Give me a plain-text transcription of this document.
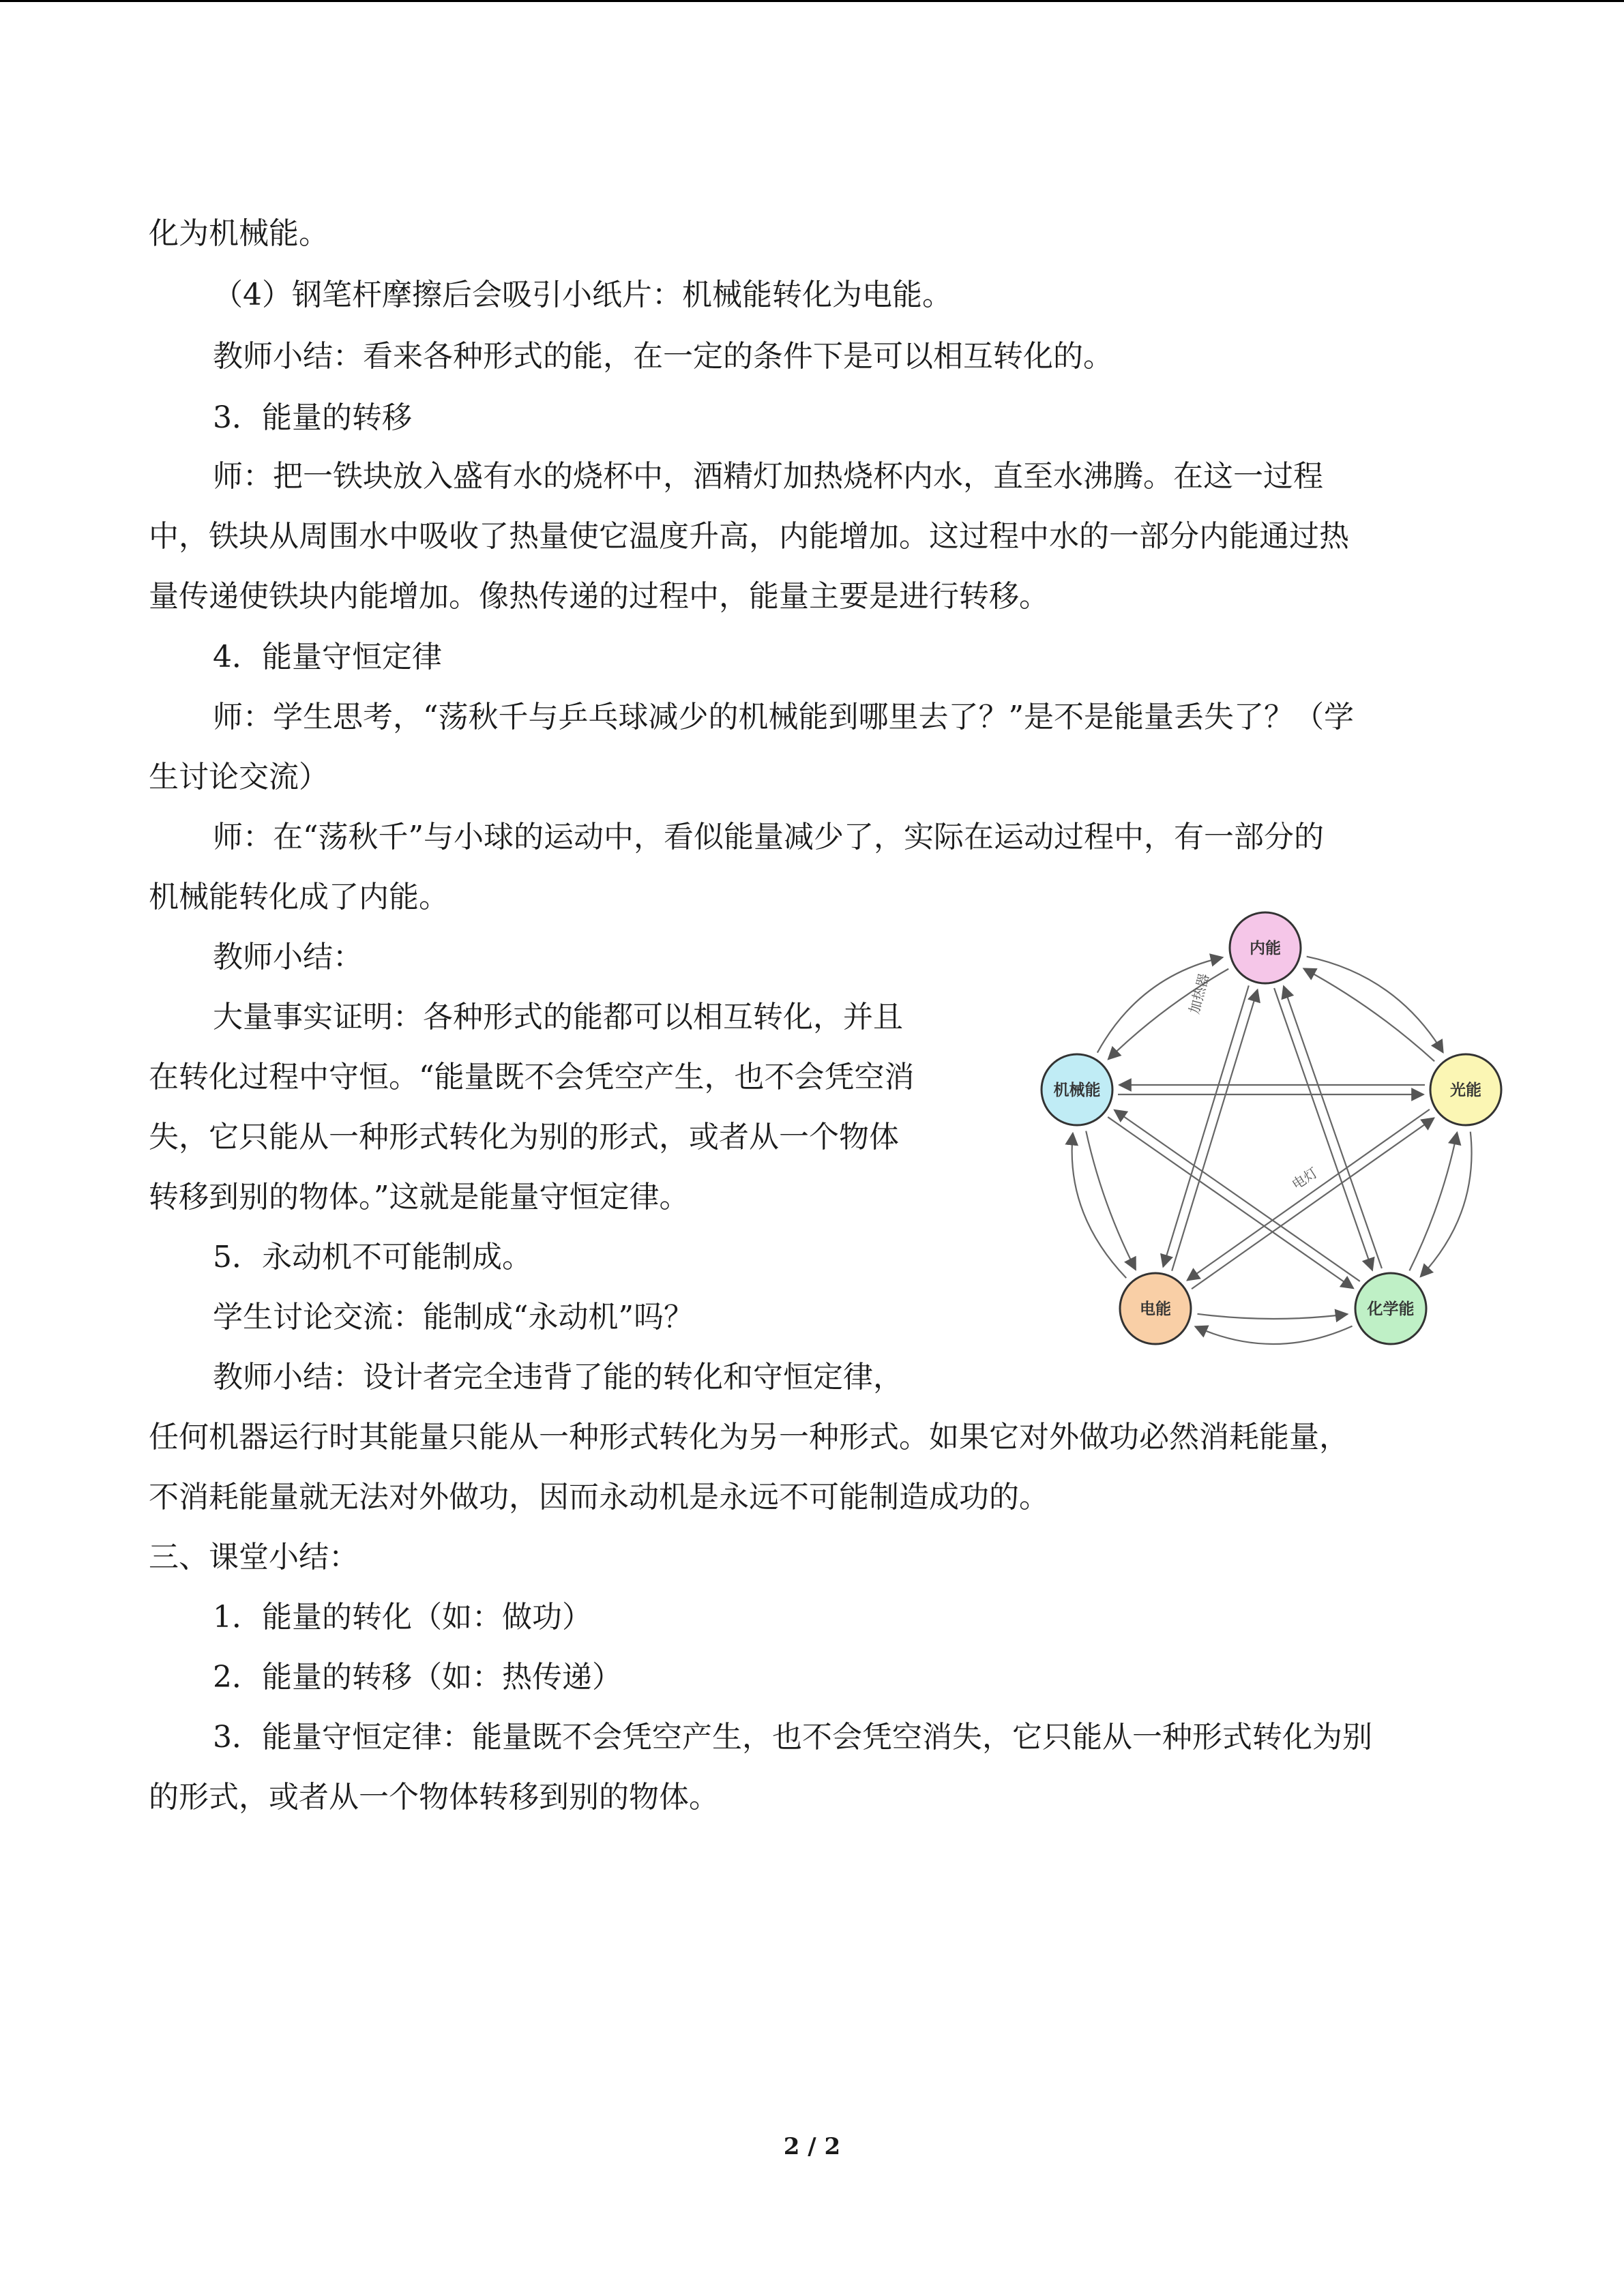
化为机械能。
（4）钢笔杆摩擦后会吸引小纸片：机械能转化为电能。
教师小结：看来各种形式的能，在一定的条件下是可以相互转化的。
3．能量的转移
师：把一铁块放入盛有水的烧杯中，酒精灯加热烧杯内水，直至水沸腾。在这一过程
中，铁块从周围水中吸收了热量使它温度升高，内能增加。这过程中水的一部分内能通过热
量传递使铁块内能增加。像热传递的过程中，能量主要是进行转移。
4．能量守恒定律
师：学生思考，“荡秋千与乒乓球减少的机械能到哪里去了？”是不是能量丢失了？（学
生讨论交流）
师：在“荡秋千”与小球的运动中，看似能量减少了，实际在运动过程中，有一部分的
机械能转化成了内能。
教师小结：
大量事实证明：各种形式的能都可以相互转化，并且
在转化过程中守恒。“能量既不会凭空产生，也不会凭空消
失，它只能从一种形式转化为别的形式，或者从一个物体
转移到别的物体。”这就是能量守恒定律。
5．永动机不可能制成。
学生讨论交流：能制成“永动机”吗？
教师小结：设计者完全违背了能的转化和守恒定律，
任何机器运行时其能量只能从一种形式转化为另一种形式。如果它对外做功必然消耗能量，
不消耗能量就无法对外做功，因而永动机是永远不可能制造成功的。
三、课堂小结：
1．能量的转化（如：做功）
2．能量的转移（如：热传递）
3．能量守恒定律：能量既不会凭空产生，也不会凭空消失，它只能从一种形式转化为别
的形式，或者从一个物体转移到别的物体。
加热器
电灯
内能
光能
化学能
电能
机械能
2 / 2
